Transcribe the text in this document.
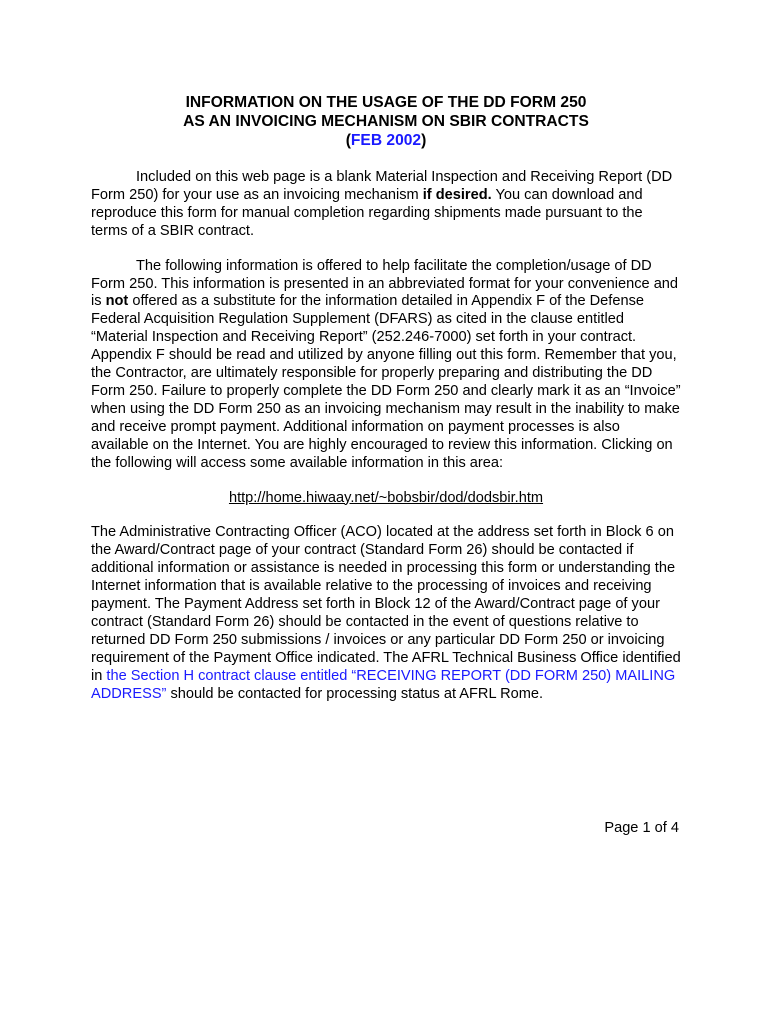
INFORMATION ON THE USAGE OF THE DD FORM 250
AS AN INVOICING MECHANISM ON SBIR CONTRACTS
(FEB 2002)

Included on this web page is a blank Material Inspection and Receiving Report (DD Form 250) for your use as an invoicing mechanism if desired. You can download and reproduce this form for manual completion regarding shipments made pursuant to the terms of a SBIR contract.

The following information is offered to help facilitate the completion/usage of DD Form 250. This information is presented in an abbreviated format for your convenience and is not offered as a substitute for the information detailed in Appendix F of the Defense Federal Acquisition Regulation Supplement (DFARS) as cited in the clause entitled “Material Inspection and Receiving Report” (252.246-7000) set forth in your contract. Appendix F should be read and utilized by anyone filling out this form. Remember that you, the Contractor, are ultimately responsible for properly preparing and distributing the DD Form 250. Failure to properly complete the DD Form 250 and clearly mark it as an “Invoice” when using the DD Form 250 as an invoicing mechanism may result in the inability to make and receive prompt payment. Additional information on payment processes is also available on the Internet. You are highly encouraged to review this information. Clicking on the following will access some available information in this area:

http://home.hiwaay.net/~bobsbir/dod/dodsbir.htm

The Administrative Contracting Officer (ACO) located at the address set forth in Block 6 on the Award/Contract page of your contract (Standard Form 26) should be contacted if additional information or assistance is needed in processing this form or understanding the Internet information that is available relative to the processing of invoices and receiving payment. The Payment Address set forth in Block 12 of the Award/Contract page of your contract (Standard Form 26) should be contacted in the event of questions relative to returned DD Form 250 submissions / invoices or any particular DD Form 250 or invoicing requirement of the Payment Office indicated. The AFRL Technical Business Office identified in the Section H contract clause entitled “RECEIVING REPORT (DD FORM 250) MAILING ADDRESS” should be contacted for processing status at AFRL Rome.

Page 1 of 4
